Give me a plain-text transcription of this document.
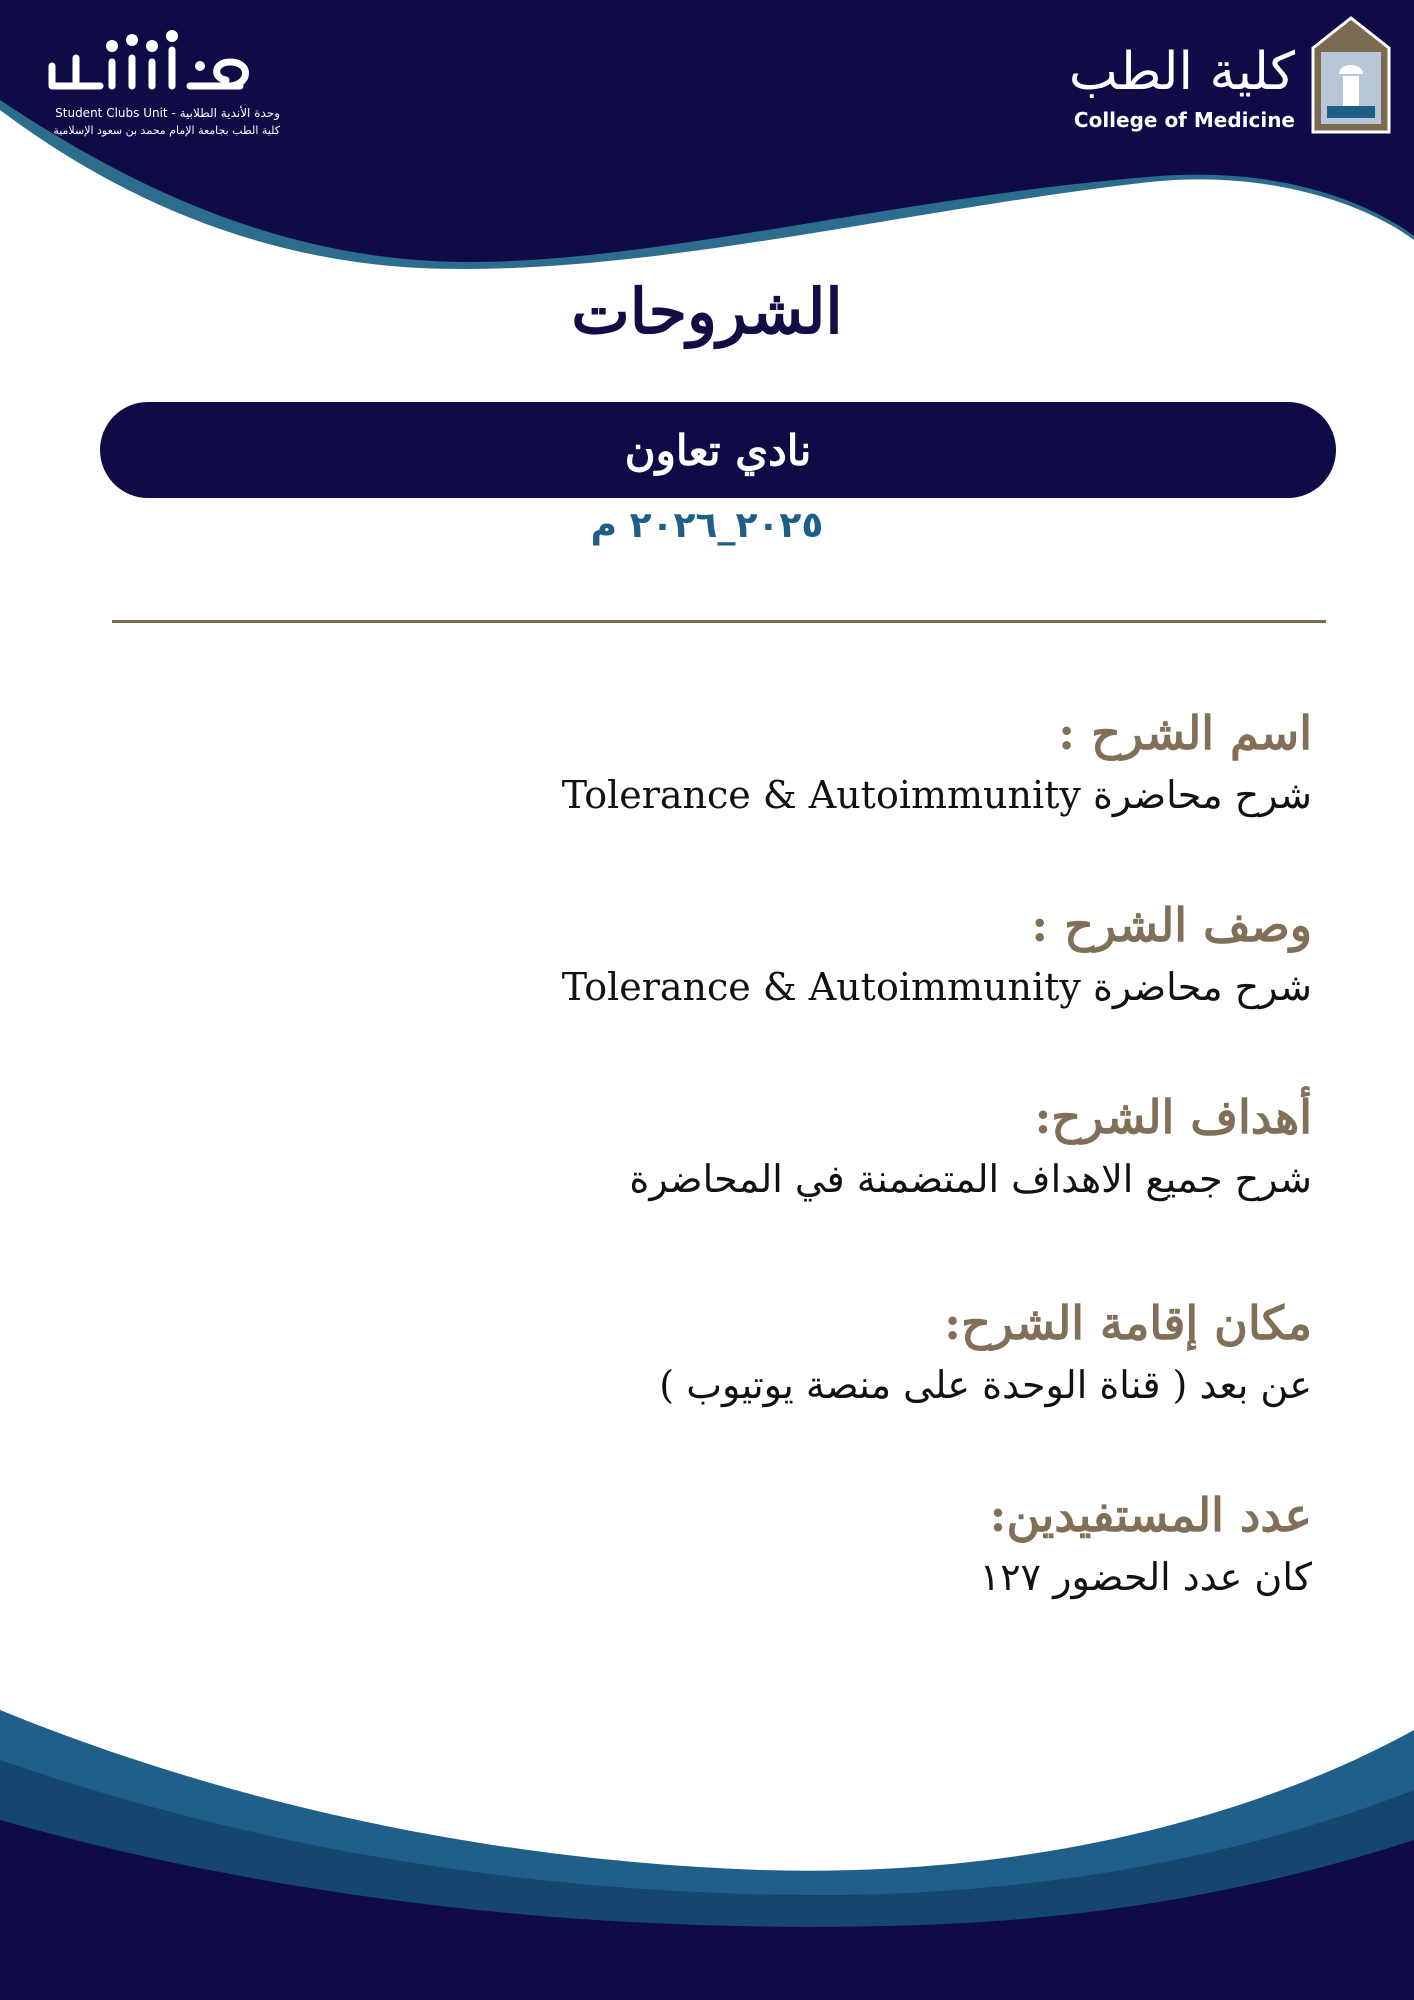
Student Clubs Unit - وحدة الأندية الطلابية
كلية الطب بجامعة الإمام محمد بن سعود الإسلامية
كلية الطب
College of Medicine
الشروحات
نادي تعاون
٢٠٢٥_٢٠٢٦ م
اسم الشرح :
شرح محاضرة Tolerance & Autoimmunity
وصف الشرح :
شرح محاضرة Tolerance & Autoimmunity
أهداف الشرح:
شرح جميع الاهداف المتضمنة في المحاضرة
مكان إقامة الشرح:
عن بعد ( قناة الوحدة على منصة يوتيوب )
عدد المستفيدين:
كان عدد الحضور ١٢٧
